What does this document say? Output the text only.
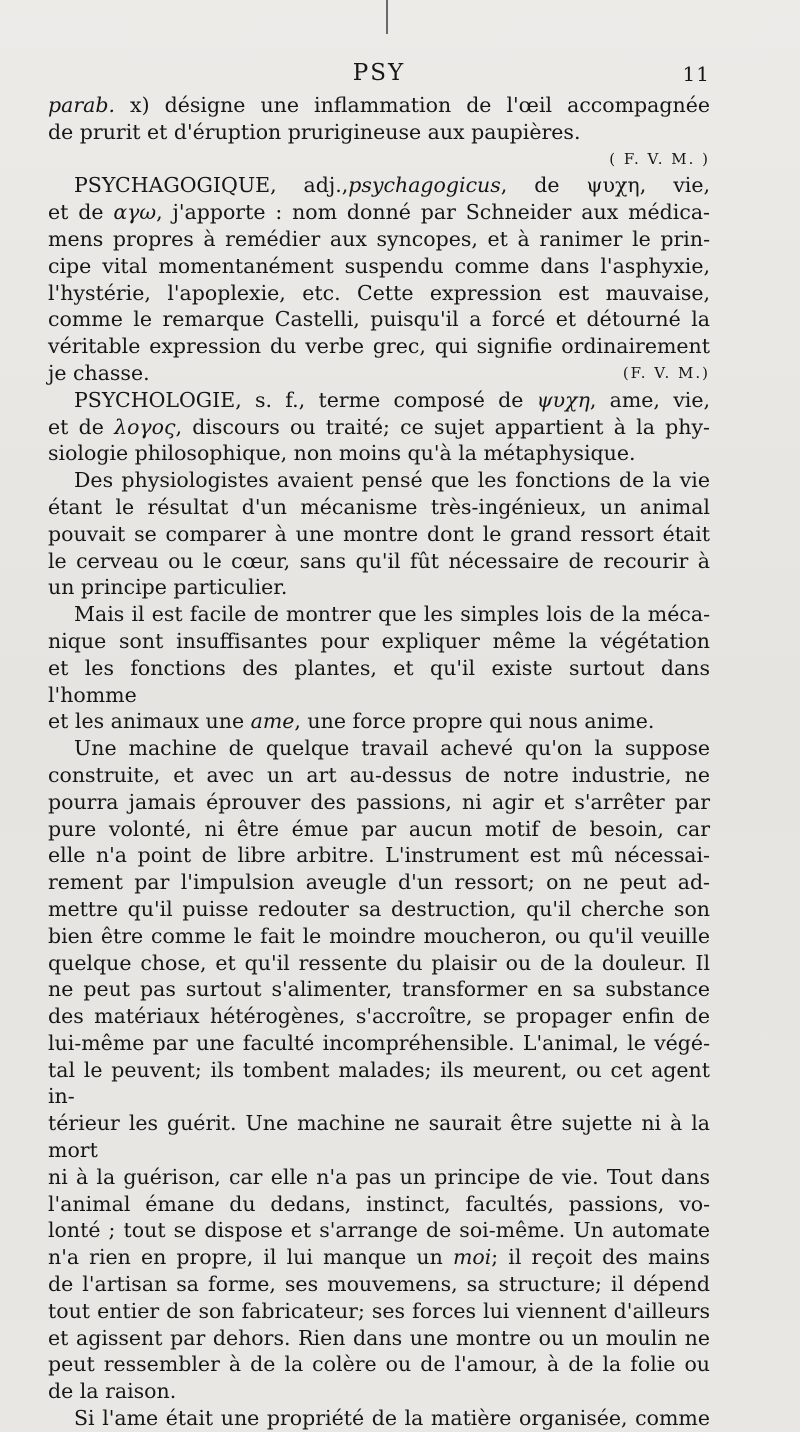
PSY	11

parab. x) désigne une inflammation de l'œil accompagnée

de prurit et d'éruption prurigineuse aux paupières.

( F. V. M. )

PSYCHAGOGIQUE, adj.,psychagogicus, de ψυχη, vie,

et de αγω, j'apporte : nom donné par Schneider aux médica-

mens propres à remédier aux syncopes, et à ranimer le prin-

cipe vital momentanément suspendu comme dans l'asphyxie,

l'hystérie, l'apoplexie, etc. Cette expression est mauvaise,

comme le remarque Castelli, puisqu'il a forcé et détourné la

véritable expression du verbe grec, qui signifie ordinairement

je chasse.	(F. V. M.)

PSYCHOLOGIE, s. f., terme composé de ψυχη, ame, vie,

et de λογος, discours ou traité; ce sujet appartient à la phy-

siologie philosophique, non moins qu'à la métaphysique.

Des physiologistes avaient pensé que les fonctions de la vie

étant le résultat d'un mécanisme très-ingénieux, un animal

pouvait se comparer à une montre dont le grand ressort était

le cerveau ou le cœur, sans qu'il fût nécessaire de recourir à

un principe particulier.

Mais il est facile de montrer que les simples lois de la méca-

nique sont insuffisantes pour expliquer même la végétation

et les fonctions des plantes, et qu'il existe surtout dans l'homme

et les animaux une ame, une force propre qui nous anime.

Une machine de quelque travail achevé qu'on la suppose

construite, et avec un art au-dessus de notre industrie, ne

pourra jamais éprouver des passions, ni agir et s'arrêter par

pure volonté, ni être émue par aucun motif de besoin, car

elle n'a point de libre arbitre. L'instrument est mû nécessai-

rement par l'impulsion aveugle d'un ressort; on ne peut ad-

mettre qu'il puisse redouter sa destruction, qu'il cherche son

bien être comme le fait le moindre moucheron, ou qu'il veuille

quelque chose, et qu'il ressente du plaisir ou de la douleur. Il

ne peut pas surtout s'alimenter, transformer en sa substance

des matériaux hétérogènes, s'accroître, se propager enfin de

lui-même par une faculté incompréhensible. L'animal, le végé-

tal le peuvent; ils tombent malades; ils meurent, ou cet agent in-

térieur les guérit. Une machine ne saurait être sujette ni à la mort

ni à la guérison, car elle n'a pas un principe de vie. Tout dans

l'animal émane du dedans, instinct, facultés, passions, vo-

lonté ; tout se dispose et s'arrange de soi-même. Un automate

n'a rien en propre, il lui manque un moi; il reçoit des mains

de l'artisan sa forme, ses mouvemens, sa structure; il dépend

tout entier de son fabricateur; ses forces lui viennent d'ailleurs

et agissent par dehors. Rien dans une montre ou un moulin ne

peut ressembler à de la colère ou de l'amour, à de la folie ou

de la raison.

Si l'ame était une propriété de la matière organisée, comme
